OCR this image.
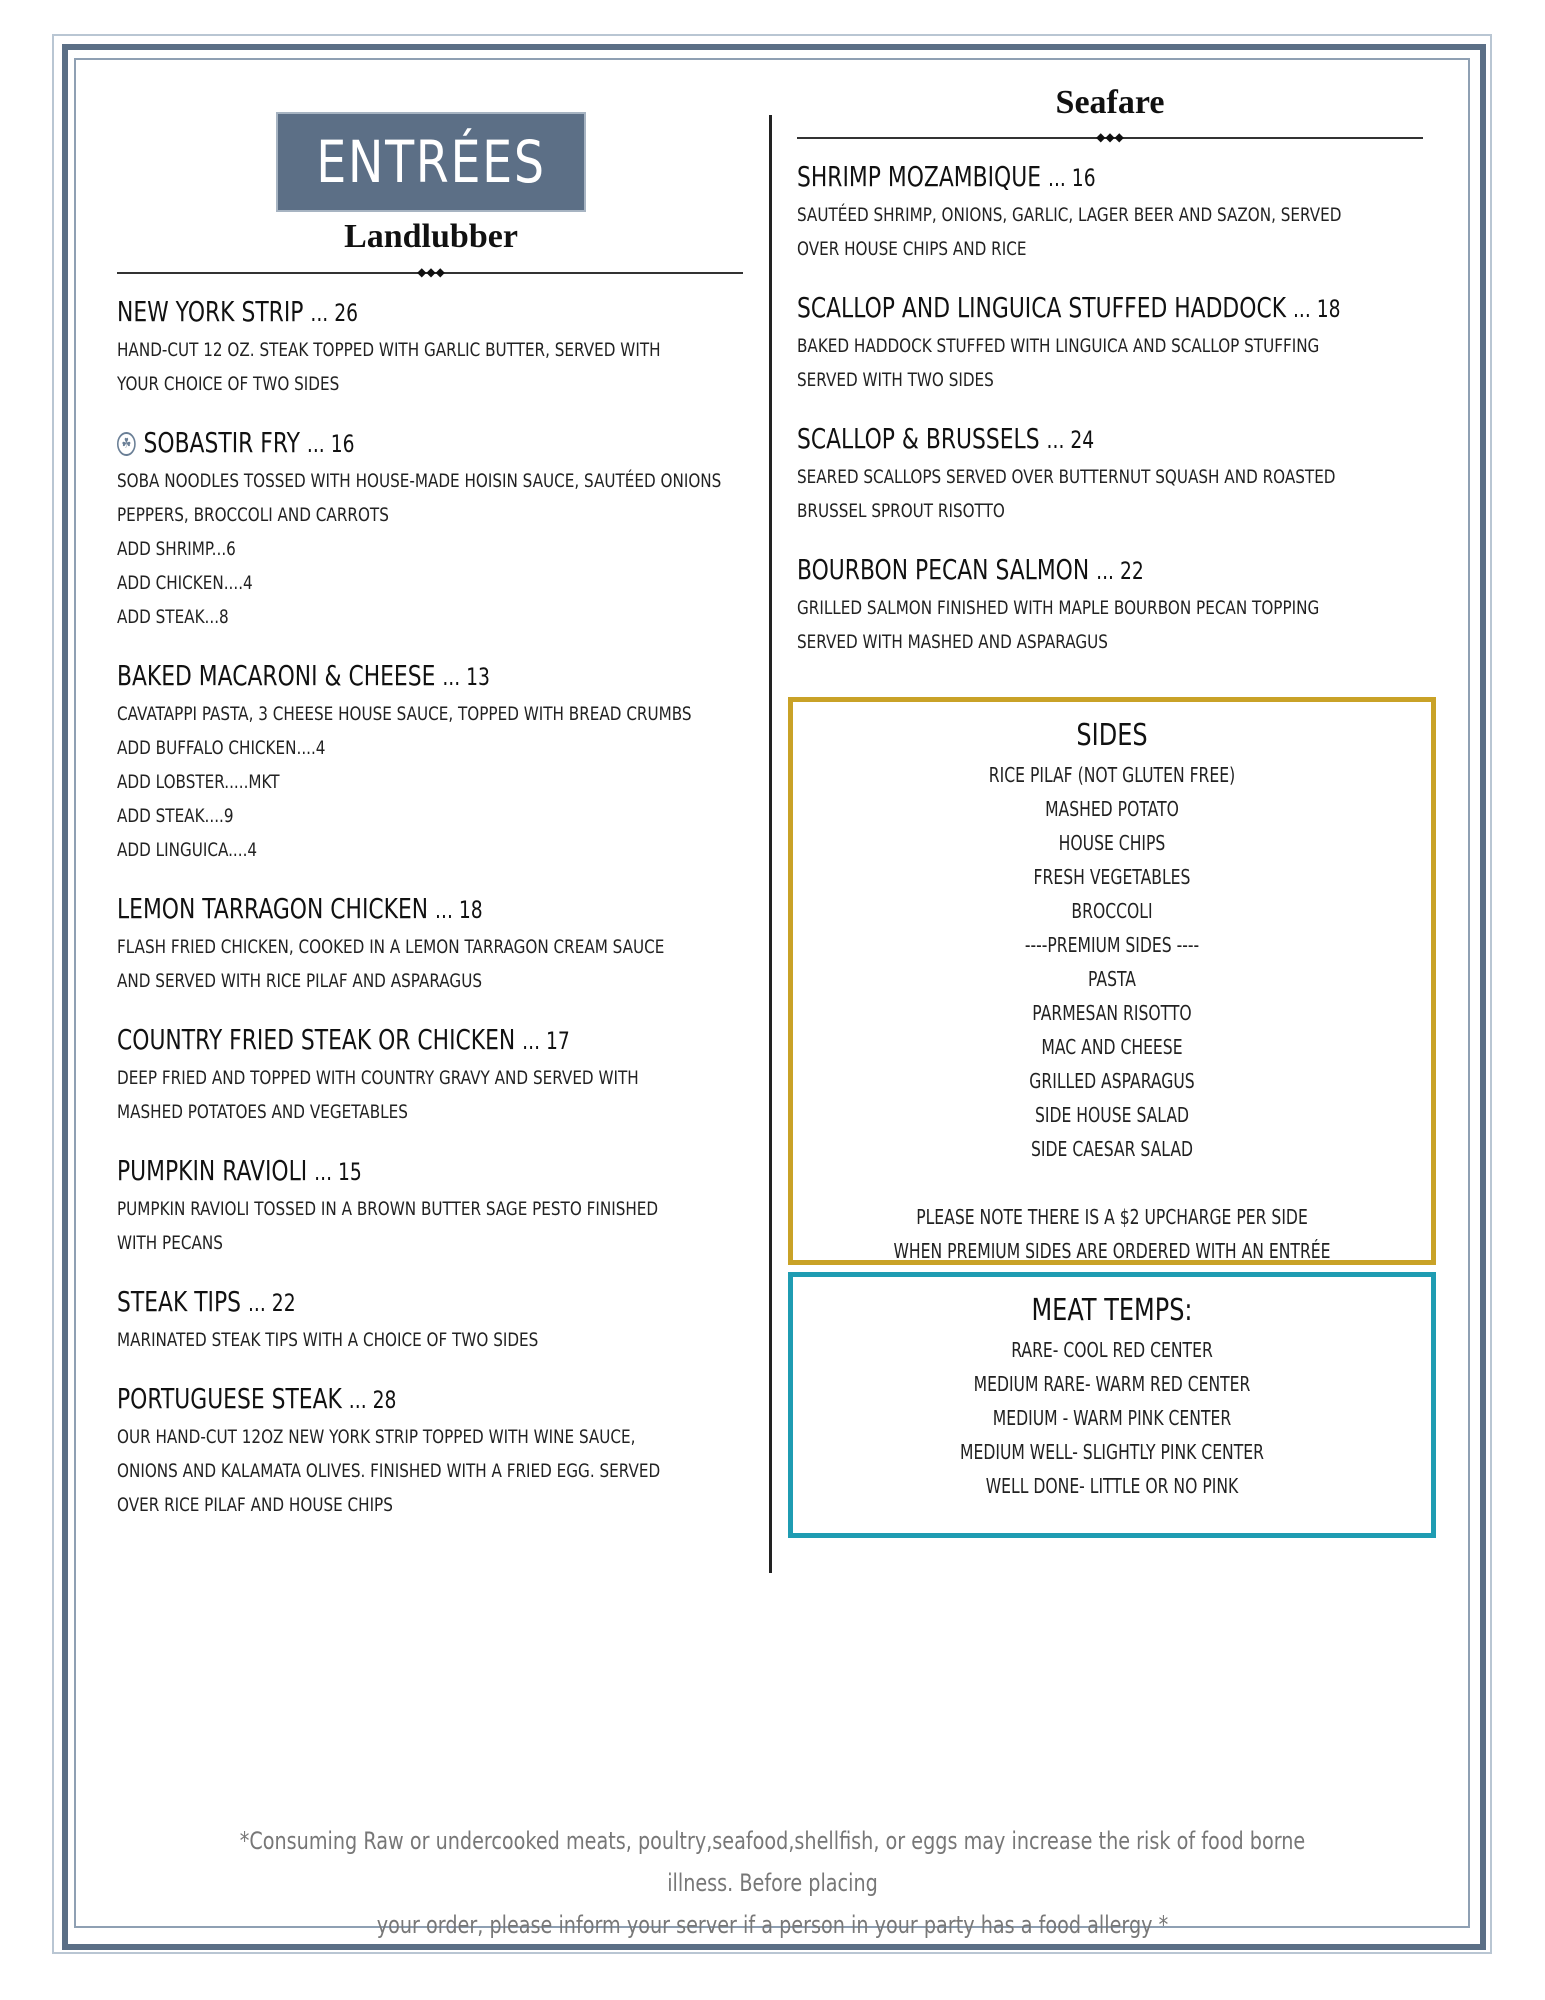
ENTRÉES
Landlubber
◆◆◆
Seafare
◆◆◆
NEW YORK STRIP ... 26
HAND-CUT 12 OZ. STEAK TOPPED WITH GARLIC BUTTER, SERVED WITH
YOUR CHOICE OF TWO SIDES
☘ SOBASTIR FRY ... 16
SOBA NOODLES TOSSED WITH HOUSE-MADE HOISIN SAUCE, SAUTÉED ONIONS
PEPPERS, BROCCOLI AND CARROTS
ADD SHRIMP...6
ADD CHICKEN....4
ADD STEAK...8
BAKED MACARONI & CHEESE ... 13
CAVATAPPI PASTA, 3 CHEESE HOUSE SAUCE, TOPPED WITH BREAD CRUMBS
ADD BUFFALO CHICKEN....4
ADD LOBSTER.....MKT
ADD STEAK....9
ADD LINGUICA....4
LEMON TARRAGON CHICKEN ... 18
FLASH FRIED CHICKEN, COOKED IN A LEMON TARRAGON CREAM SAUCE
AND SERVED WITH RICE PILAF AND ASPARAGUS
COUNTRY FRIED STEAK OR CHICKEN ... 17
DEEP FRIED AND TOPPED WITH COUNTRY GRAVY AND SERVED WITH
MASHED POTATOES AND VEGETABLES
PUMPKIN RAVIOLI ... 15
PUMPKIN RAVIOLI TOSSED IN A BROWN BUTTER SAGE PESTO FINISHED
WITH PECANS
STEAK TIPS ... 22
MARINATED STEAK TIPS WITH A CHOICE OF TWO SIDES
PORTUGUESE STEAK ... 28
OUR HAND-CUT 12OZ NEW YORK STRIP TOPPED WITH WINE SAUCE,
ONIONS AND KALAMATA OLIVES. FINISHED WITH A FRIED EGG. SERVED
OVER RICE PILAF AND HOUSE CHIPS
SHRIMP MOZAMBIQUE ... 16
SAUTÉED SHRIMP, ONIONS, GARLIC, LAGER BEER AND SAZON, SERVED
OVER HOUSE CHIPS AND RICE
SCALLOP AND LINGUICA STUFFED HADDOCK ... 18
BAKED HADDOCK STUFFED WITH LINGUICA AND SCALLOP STUFFING
SERVED WITH TWO SIDES
SCALLOP & BRUSSELS ... 24
SEARED SCALLOPS SERVED OVER BUTTERNUT SQUASH AND ROASTED
BRUSSEL SPROUT RISOTTO
BOURBON PECAN SALMON ... 22
GRILLED SALMON FINISHED WITH MAPLE BOURBON PECAN TOPPING
SERVED WITH MASHED AND ASPARAGUS
SIDES
RICE PILAF (NOT GLUTEN FREE)
MASHED POTATO
HOUSE CHIPS
FRESH VEGETABLES
BROCCOLI
----PREMIUM SIDES ----
PASTA
PARMESAN RISOTTO
MAC AND CHEESE
GRILLED ASPARAGUS
SIDE HOUSE SALAD
SIDE CAESAR SALAD
PLEASE NOTE THERE IS A $2 UPCHARGE PER SIDE
WHEN PREMIUM SIDES ARE ORDERED WITH AN ENTRÉE
MEAT TEMPS:
RARE- COOL RED CENTER
MEDIUM RARE- WARM RED CENTER
MEDIUM - WARM PINK CENTER
MEDIUM WELL- SLIGHTLY PINK CENTER
WELL DONE- LITTLE OR NO PINK
*Consuming Raw or undercooked meats, poultry,seafood,shellfish, or eggs may increase the risk of food borne illness. Before placing
your order, please inform your server if a person in your party has a food allergy *
